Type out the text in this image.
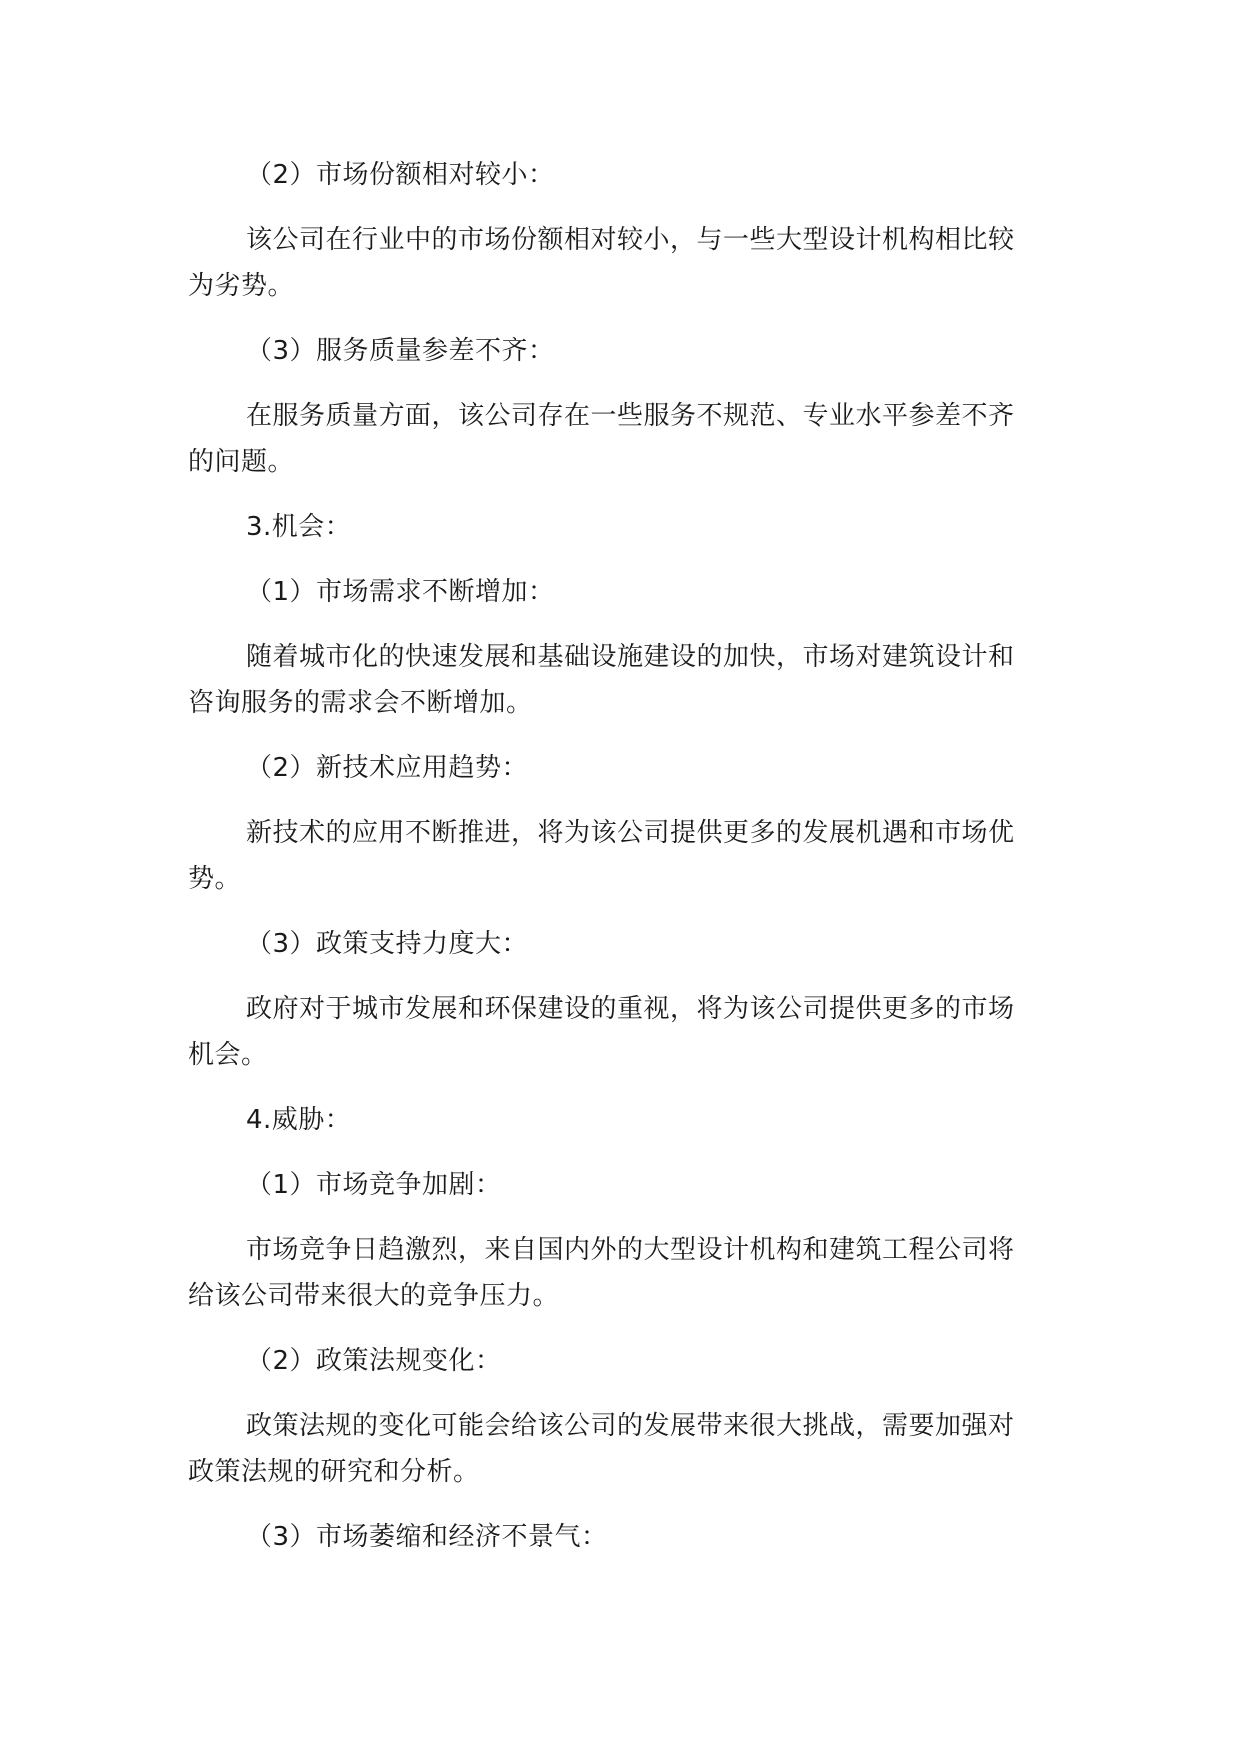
（2）市场份额相对较小：

该公司在行业中的市场份额相对较小，与一些大型设计机构相比较为劣势。

（3）服务质量参差不齐：

在服务质量方面，该公司存在一些服务不规范、专业水平参差不齐的问题。

3.机会：

（1）市场需求不断增加：

随着城市化的快速发展和基础设施建设的加快，市场对建筑设计和咨询服务的需求会不断增加。

（2）新技术应用趋势：

新技术的应用不断推进，将为该公司提供更多的发展机遇和市场优势。

（3）政策支持力度大：

政府对于城市发展和环保建设的重视，将为该公司提供更多的市场机会。

4.威胁：

（1）市场竞争加剧：

市场竞争日趋激烈，来自国内外的大型设计机构和建筑工程公司将给该公司带来很大的竞争压力。

（2）政策法规变化：

政策法规的变化可能会给该公司的发展带来很大挑战，需要加强对政策法规的研究和分析。

（3）市场萎缩和经济不景气：
